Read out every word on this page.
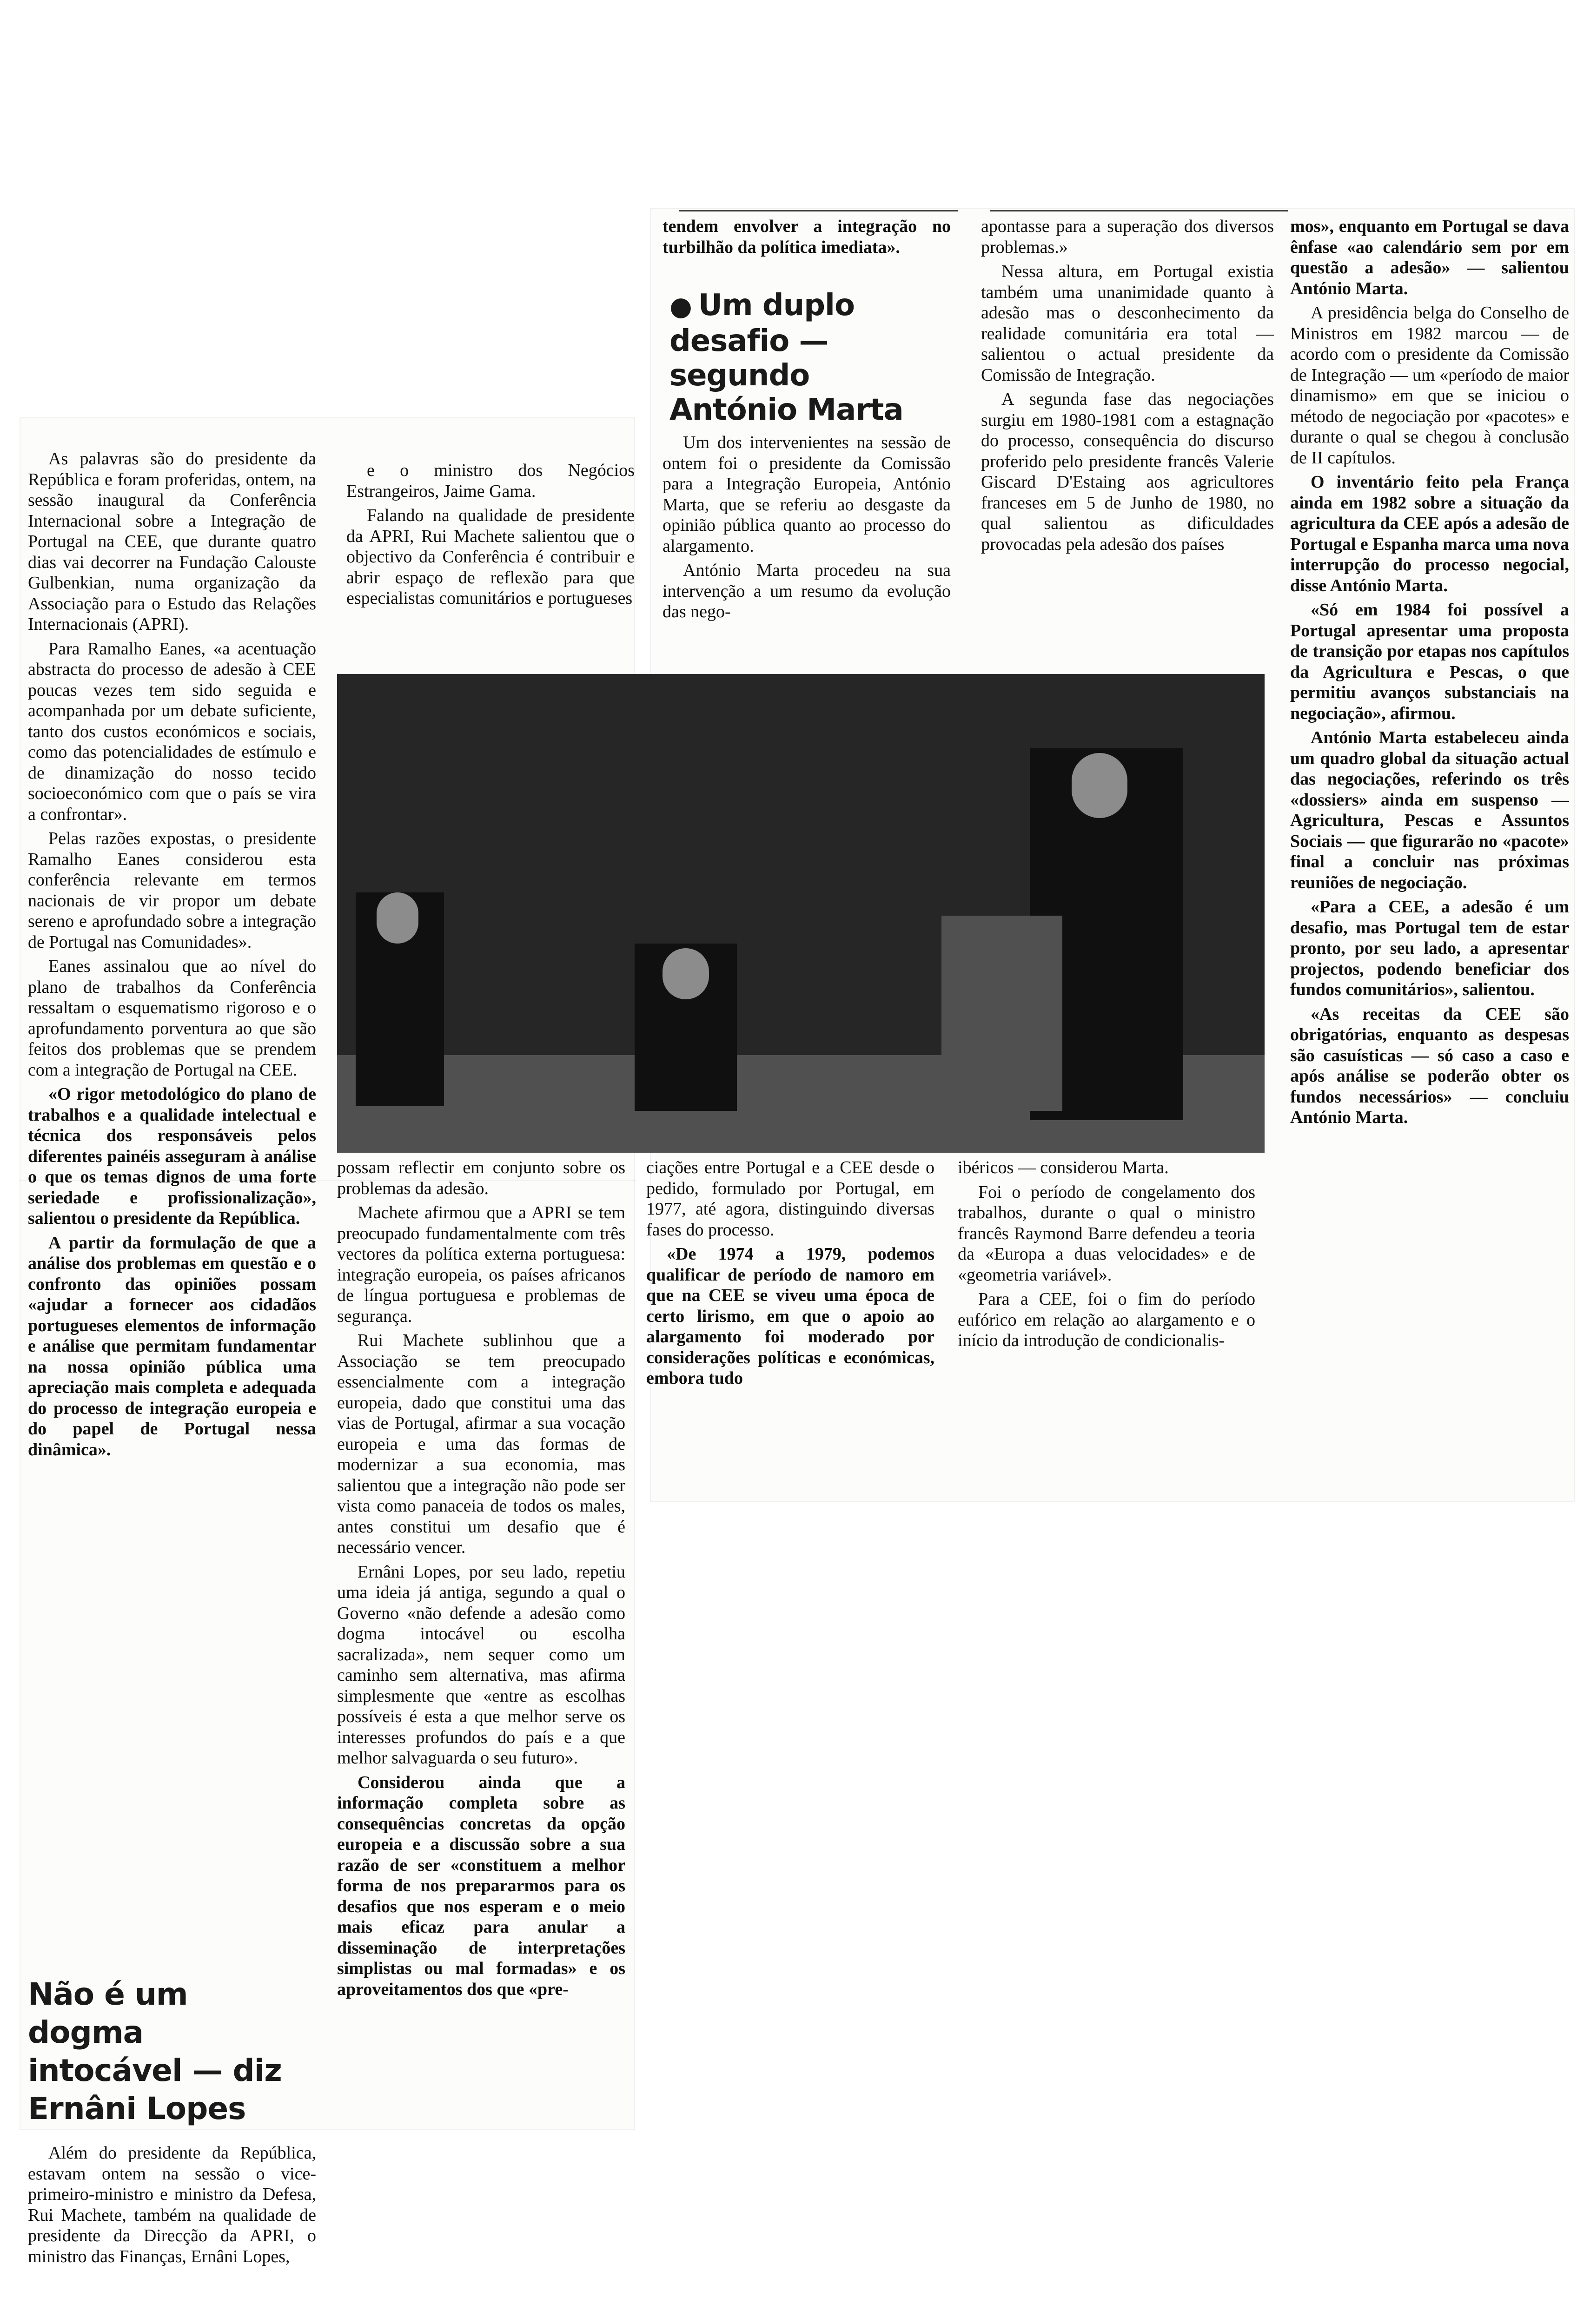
As palavras são do presidente da República e foram proferidas, ontem, na sessão inaugural da Conferência Internacional sobre a Integração de Portugal na CEE, que durante quatro dias vai decorrer na Fundação Calouste Gulbenkian, numa organização da Associação para o Estudo das Relações Internacionais (APRI).

Para Ramalho Eanes, «a acentuação abstracta do processo de adesão à CEE poucas vezes tem sido seguida e acompanhada por um debate suficiente, tanto dos custos económicos e sociais, como das potencialidades de estímulo e de dinamização do nosso tecido socioeconómico com que o país se vira a confrontar».

Pelas razões expostas, o presidente Ramalho Eanes considerou esta conferência relevante em termos nacionais de vir propor um debate sereno e aprofundado sobre a integração de Portugal nas Comunidades».

Eanes assinalou que ao nível do plano de trabalhos da Conferência ressaltam o esquematismo rigoroso e o aprofundamento porventura ao que são feitos dos problemas que se prendem com a integração de Portugal na CEE.

«O rigor metodológico do plano de trabalhos e a qualidade intelectual e técnica dos responsáveis pelos diferentes painéis asseguram à análise o que os temas dignos de uma forte seriedade e profissionalização», salientou o presidente da República.

A partir da formulação de que a análise dos problemas em questão e o confronto das opiniões possam «ajudar a fornecer aos cidadãos portugueses elementos de informação e análise que permitam fundamentar na nossa opinião pública uma apreciação mais completa e adequada do processo de integração europeia e do papel de Portugal nessa dinâmica».

Não é um dogma intocável — diz Ernâni Lopes

Além do presidente da República, estavam ontem na sessão o vice-primeiro-ministro e ministro da Defesa, Rui Machete, também na qualidade de presidente da Direcção da APRI, o ministro das Finanças, Ernâni Lopes,

e o ministro dos Negócios Estrangeiros, Jaime Gama.

Falando na qualidade de presidente da APRI, Rui Machete salientou que o objectivo da Conferência é contribuir e abrir espaço de reflexão para que especialistas comunitários e portugueses

possam reflectir em conjunto sobre os problemas da adesão.

Machete afirmou que a APRI se tem preocupado fundamentalmente com três vectores da política externa portuguesa: integração europeia, os países africanos de língua portuguesa e problemas de segurança.

Rui Machete sublinhou que a Associação se tem preocupado essencialmente com a integração europeia, dado que constitui uma das vias de Portugal, afirmar a sua vocação europeia e uma das formas de modernizar a sua economia, mas salientou que a integração não pode ser vista como panaceia de todos os males, antes constitui um desafio que é necessário vencer.

Ernâni Lopes, por seu lado, repetiu uma ideia já antiga, segundo a qual o Governo «não defende a adesão como dogma intocável ou escolha sacralizada», nem sequer como um caminho sem alternativa, mas afirma simplesmente que «entre as escolhas possíveis é esta a que melhor serve os interesses profundos do país e a que melhor salvaguarda o seu futuro».

Considerou ainda que a informação completa sobre as consequências concretas da opção europeia e a discussão sobre a sua razão de ser «constituem a melhor forma de nos prepararmos para os desafios que nos esperam e o meio mais eficaz para anular a disseminação de interpretações simplistas ou mal formadas» e os aproveitamentos dos que «pre-

tendem envolver a integração no turbilhão da política imediata».

● Um duplo desafio — segundo António Marta

Um dos intervenientes na sessão de ontem foi o presidente da Comissão para a Integração Europeia, António Marta, que se referiu ao desgaste da opinião pública quanto ao processo do alargamento.

António Marta procedeu na sua intervenção a um resumo da evolução das nego-

ciações entre Portugal e a CEE desde o pedido, formulado por Portugal, em 1977, até agora, distinguindo diversas fases do processo.

«De 1974 a 1979, podemos qualificar de período de namoro em que na CEE se viveu uma época de certo lirismo, em que o apoio ao alargamento foi moderado por considerações políticas e económicas, embora tudo

apontasse para a superação dos diversos problemas.»

Nessa altura, em Portugal existia também uma unanimidade quanto à adesão mas o desconhecimento da realidade comunitária era total — salientou o actual presidente da Comissão de Integração.

A segunda fase das negociações surgiu em 1980-1981 com a estagnação do processo, consequência do discurso proferido pelo presidente francês Valerie Giscard D'Estaing aos agricultores franceses em 5 de Junho de 1980, no qual salientou as dificuldades provocadas pela adesão dos países

ibéricos — considerou Marta.

Foi o período de congelamento dos trabalhos, durante o qual o ministro francês Raymond Barre defendeu a teoria da «Europa a duas velocidades» e de «geometria variável».

Para a CEE, foi o fim do período eufórico em relação ao alargamento e o início da introdução de condicionalis-

mos», enquanto em Portugal se dava ênfase «ao calendário sem por em questão a adesão» — salientou António Marta.

A presidência belga do Conselho de Ministros em 1982 marcou — de acordo com o presidente da Comissão de Integração — um «período de maior dinamismo» em que se iniciou o método de negociação por «pacotes» e durante o qual se chegou à conclusão de II capítulos.

O inventário feito pela França ainda em 1982 sobre a situação da agricultura da CEE após a adesão de Portugal e Espanha marca uma nova interrupção do processo negocial, disse António Marta.

«Só em 1984 foi possível a Portugal apresentar uma proposta de transição por etapas nos capítulos da Agricultura e Pescas, o que permitiu avanços substanciais na negociação», afirmou.

António Marta estabeleceu ainda um quadro global da situação actual das negociações, referindo os três «dossiers» ainda em suspenso — Agricultura, Pescas e Assuntos Sociais — que figurarão no «pacote» final a concluir nas próximas reuniões de negociação.

«Para a CEE, a adesão é um desafio, mas Portugal tem de estar pronto, por seu lado, a apresentar projectos, podendo beneficiar dos fundos comunitários», salientou.

«As receitas da CEE são obrigatórias, enquanto as despesas são casuísticas — só caso a caso e após análise se poderão obter os fundos necessários» — concluiu António Marta.
